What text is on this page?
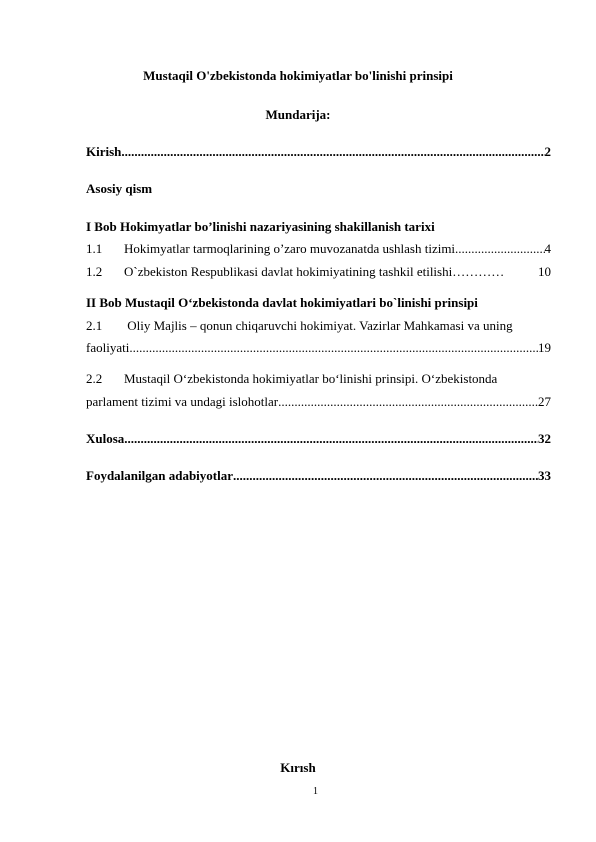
Mustaqil O'zbekistonda hokimiyatlar bo'linishi prinsipi
Mundarija:
Kirish .....	2
Asosiy qism
I Bob Hokimyatlar bo’linishi nazariyasining shakillanish tarixi
1.1 Hokimyatlar tarmoqlarining o’zaro muvozanatda ushlash tizimi .....	4
1.2 O`zbekiston Respublikasi davlat hokimiyatining tashkil etilishi…………	10
II Bob Mustaqil O‘zbekistonda davlat hokimiyatlari bo`linishi prinsipi
2.1 Oliy Majlis – qonun chiqaruvchi hokimiyat. Vazirlar Mahkamasi va uning
faoliyati .....	19
2.2 Mustaqil O‘zbekistonda hokimiyatlar bo‘linishi prinsipi. O‘zbekistonda
parlament tizimi va undagi islohotlar .....	27
Xulosa .....	32
Foydalanilgan adabiyotlar .....	33
Kırısh
1
